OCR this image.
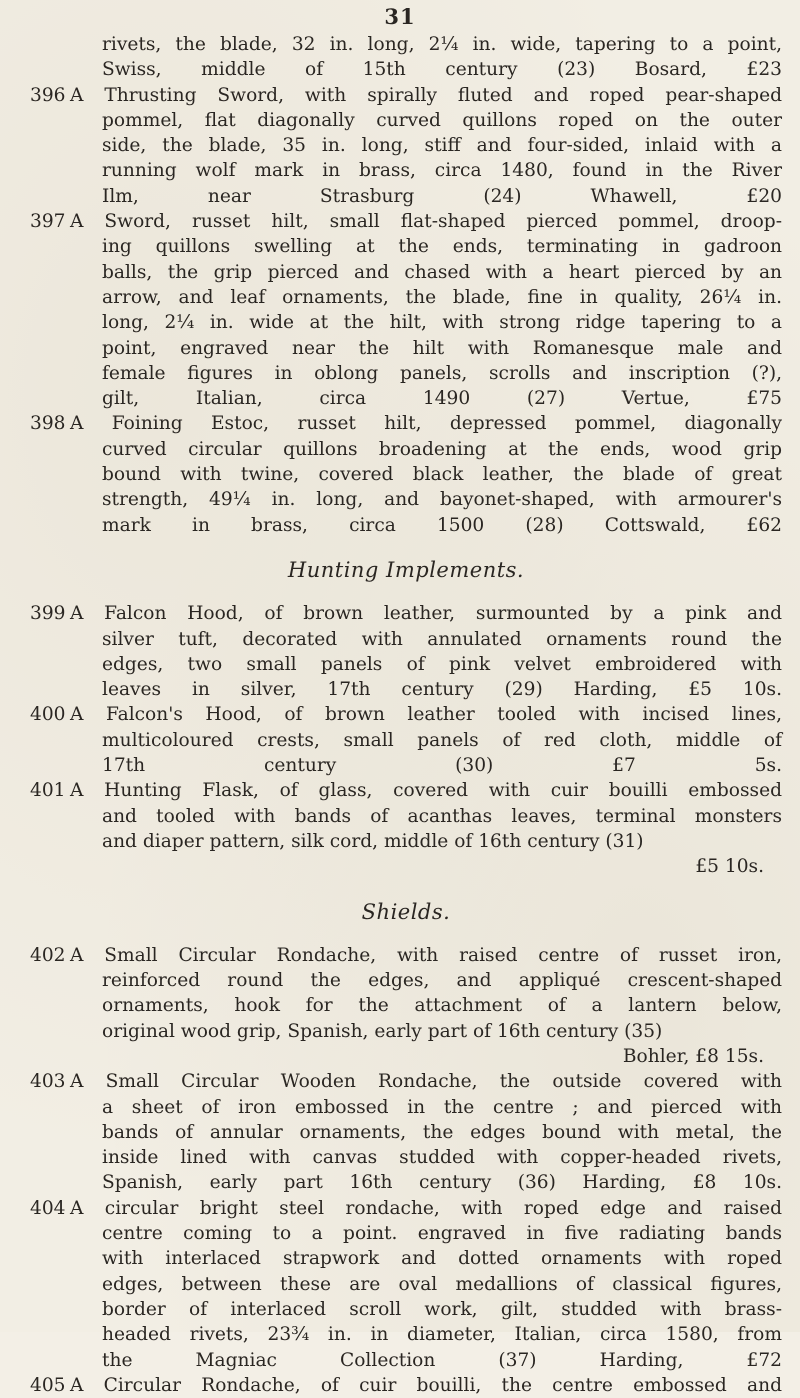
31
rivets, the blade, 32 in. long, 2¼ in. wide, tapering to a point,
Swiss, middle of 15th century (23) Bosard, £23
396 A Thrusting Sword, with spirally fluted and roped pear-shaped
pommel, flat diagonally curved quillons roped on the outer
side, the blade, 35 in. long, stiff and four-sided, inlaid with a
running wolf mark in brass, circa 1480, found in the River
Ilm, near Strasburg (24) Whawell, £20
397 A Sword, russet hilt, small flat-shaped pierced pommel, droop-
ing quillons swelling at the ends, terminating in gadroon
balls, the grip pierced and chased with a heart pierced by an
arrow, and leaf ornaments, the blade, fine in quality, 26¼ in.
long, 2¼ in. wide at the hilt, with strong ridge tapering to a
point, engraved near the hilt with Romanesque male and
female figures in oblong panels, scrolls and inscription (?),
gilt, Italian, circa 1490 (27) Vertue, £75
398 A Foining Estoc, russet hilt, depressed pommel, diagonally
curved circular quillons broadening at the ends, wood grip
bound with twine, covered black leather, the blade of great
strength, 49¼ in. long, and bayonet-shaped, with armourer's
mark in brass, circa 1500 (28) Cottswald, £62
Hunting Implements.
399 A Falcon Hood, of brown leather, surmounted by a pink and
silver tuft, decorated with annulated ornaments round the
edges, two small panels of pink velvet embroidered with
leaves in silver, 17th century (29) Harding, £5 10s.
400 A Falcon's Hood, of brown leather tooled with incised lines,
multicoloured crests, small panels of red cloth, middle of
17th century (30) £7 5s.
401 A Hunting Flask, of glass, covered with cuir bouilli embossed
and tooled with bands of acanthas leaves, terminal monsters
and diaper pattern, silk cord, middle of 16th century (31)
£5 10s.
Shields.
402 A Small Circular Rondache, with raised centre of russet iron,
reinforced round the edges, and appliqué crescent-shaped
ornaments, hook for the attachment of a lantern below,
original wood grip, Spanish, early part of 16th century (35)
Bohler, £8 15s.
403 A Small Circular Wooden Rondache, the outside covered with
a sheet of iron embossed in the centre ; and pierced with
bands of annular ornaments, the edges bound with metal, the
inside lined with canvas studded with copper-headed rivets,
Spanish, early part 16th century (36) Harding, £8 10s.
404 A circular bright steel rondache, with roped edge and raised
centre coming to a point. engraved in five radiating bands
with interlaced strapwork and dotted ornaments with roped
edges, between these are oval medallions of classical figures,
border of interlaced scroll work, gilt, studded with brass-
headed rivets, 23¾ in. in diameter, Italian, circa 1580, from
the Magniac Collection (37) Harding, £72
405 A Circular Rondache, of cuir bouilli, the centre embossed and
